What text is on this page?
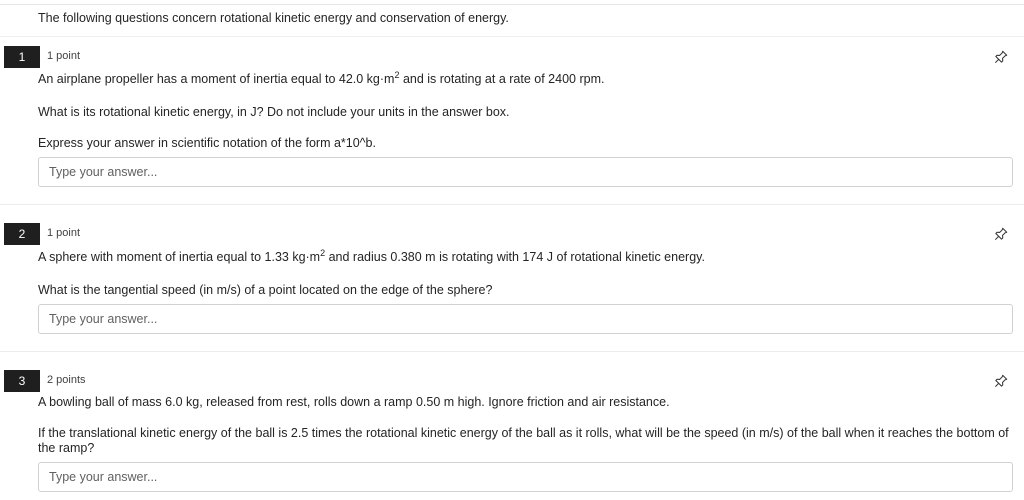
The following questions concern rotational kinetic energy and conservation of energy.
1	1 point
An airplane propeller has a moment of inertia equal to 42.0 $kg\cdot m^2$ and is rotating at a rate of 2400 rpm.
What is its rotational kinetic energy, in J? Do not include your units in the answer box.
Express your answer in scientific notation of the form a*10^b.
Type your answer...
2	1 point
A sphere with moment of inertia equal to 1.33 $kg\cdot m^2$ and radius 0.380 m is rotating with 174 J of rotational kinetic energy.
What is the tangential speed (in m/s) of a point located on the edge of the sphere?
Type your answer...
3	2 points
A bowling ball of mass 6.0 kg, released from rest, rolls down a ramp 0.50 m high. Ignore friction and air resistance.
If the translational kinetic energy of the ball is 2.5 times the rotational kinetic energy of the ball as it rolls, what will be the speed (in m/s) of the ball when it reaches the bottom of the ramp?
Type your answer...
